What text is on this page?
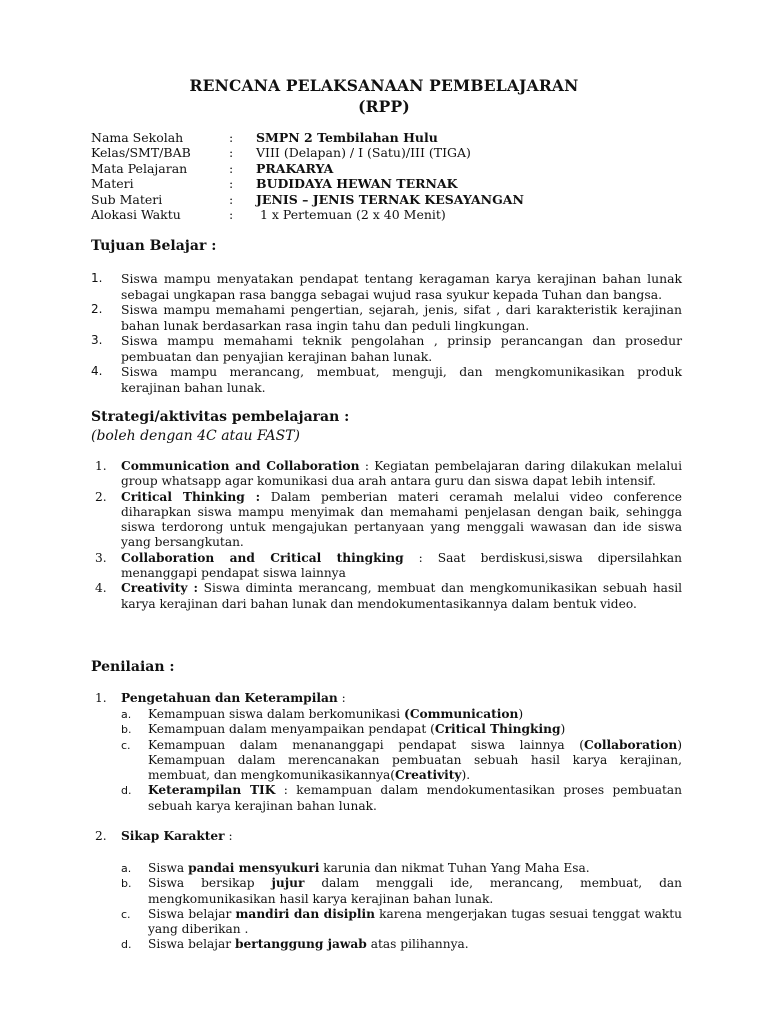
RENCANA PELAKSANAAN PEMBELAJARAN
(RPP)
Nama Sekolah	:	SMPN 2 Tembilahan Hulu
Kelas/SMT/BAB	:	VIII (Delapan) / I (Satu)/III (TIGA)
Mata Pelajaran	:	PRAKARYA
Materi	:	BUDIDAYA HEWAN TERNAK
Sub Materi	:	JENIS – JENIS TERNAK KESAYANGAN
Alokasi Waktu	:	1 x Pertemuan (2 x 40 Menit)
Tujuan Belajar :
1.	Siswa mampu menyatakan pendapat tentang keragaman karya kerajinan bahan lunak sebagai ungkapan rasa bangga sebagai wujud rasa syukur kepada Tuhan dan bangsa.
2.	Siswa mampu memahami pengertian, sejarah, jenis, sifat , dari karakteristik kerajinan bahan lunak berdasarkan rasa ingin tahu dan peduli lingkungan.
3.	Siswa mampu memahami teknik pengolahan , prinsip perancangan dan prosedur pembuatan dan penyajian kerajinan bahan lunak.
4.	Siswa mampu merancang, membuat, menguji, dan mengkomunikasikan produk kerajinan bahan lunak.
Strategi/aktivitas pembelajaran :
(boleh dengan 4C atau FAST)
1.	Communication and Collaboration : Kegiatan pembelajaran daring dilakukan melalui group whatsapp agar komunikasi dua arah antara guru dan siswa dapat lebih intensif.
2.	Critical Thinking : Dalam pemberian materi ceramah melalui video conference diharapkan siswa mampu menyimak dan memahami penjelasan dengan baik, sehingga siswa terdorong untuk mengajukan pertanyaan yang menggali wawasan dan ide siswa yang bersangkutan.
3.	Collaboration and Critical thingking : Saat berdiskusi,siswa dipersilahkan menanggapi pendapat siswa lainnya
4.	Creativity : Siswa diminta merancang, membuat dan mengkomunikasikan sebuah hasil karya kerajinan dari bahan lunak dan mendokumentasikannya dalam bentuk video.
Penilaian :
1.	Pengetahuan dan Keterampilan :
a. Kemampuan siswa dalam berkomunikasi (Communication)
b. Kemampuan dalam menyampaikan pendapat (Critical Thingking)
c. Kemampuan dalam menananggapi pendapat siswa lainnya (Collaboration) Kemampuan dalam merencanakan pembuatan sebuah hasil karya kerajinan, membuat, dan mengkomunikasikannya(Creativity).
d. Keterampilan TIK : kemampuan dalam mendokumentasikan proses pembuatan sebuah karya kerajinan bahan lunak.
2.	Sikap Karakter :
a. Siswa pandai mensyukuri karunia dan nikmat Tuhan Yang Maha Esa.
b. Siswa bersikap jujur dalam menggali ide, merancang, membuat, dan mengkomunikasikan hasil karya kerajinan bahan lunak.
c. Siswa belajar mandiri dan disiplin karena mengerjakan tugas sesuai tenggat waktu yang diberikan .
d. Siswa belajar bertanggung jawab atas pilihannya.
